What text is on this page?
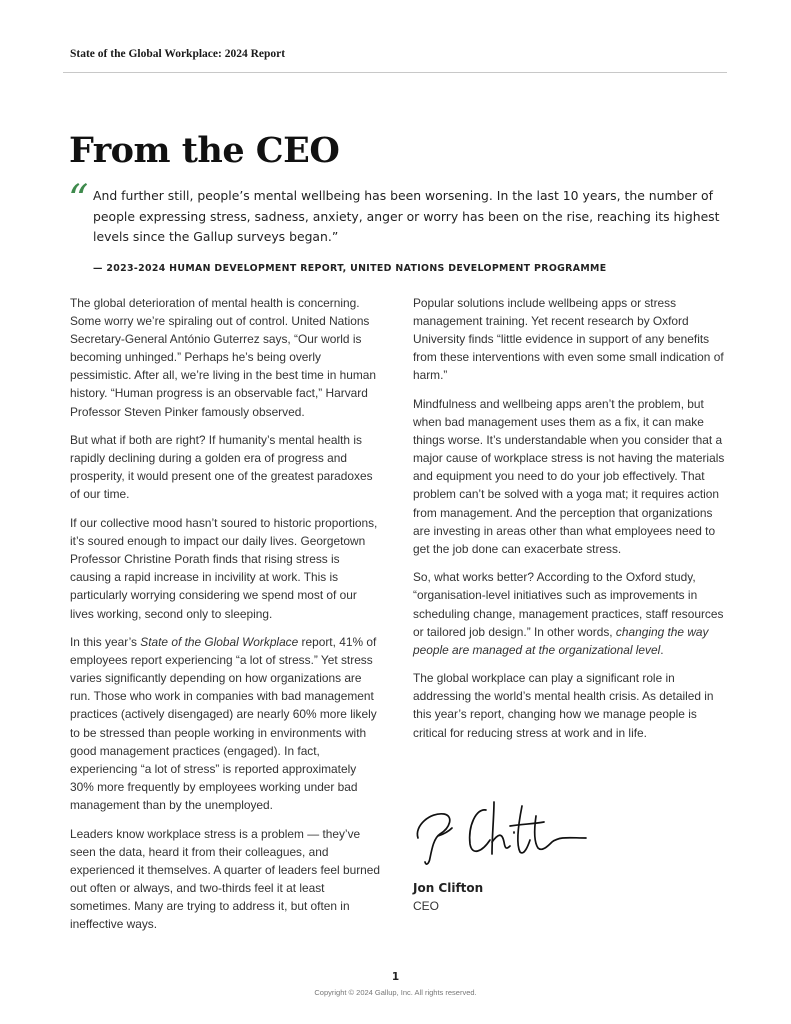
State of the Global Workplace: 2024 Report
From the CEO
“ And further still, people’s mental wellbeing has been worsening. In the last 10 years, the number of people expressing stress, sadness, anxiety, anger or worry has been on the rise, reaching its highest levels since the Gallup surveys began.”
— 2023-2024 HUMAN DEVELOPMENT REPORT, UNITED NATIONS DEVELOPMENT PROGRAMME

The global deterioration of mental health is concerning. Some worry we’re spiraling out of control. United Nations Secretary-General António Guterrez says, “Our world is becoming unhinged.” Perhaps he’s being overly pessimistic. After all, we’re living in the best time in human history. “Human progress is an observable fact,” Harvard Professor Steven Pinker famously observed.

But what if both are right? If humanity’s mental health is rapidly declining during a golden era of progress and prosperity, it would present one of the greatest paradoxes of our time.

If our collective mood hasn’t soured to historic proportions, it’s soured enough to impact our daily lives. Georgetown Professor Christine Porath finds that rising stress is causing a rapid increase in incivility at work. This is particularly worrying considering we spend most of our lives working, second only to sleeping.

In this year’s State of the Global Workplace report, 41% of employees report experiencing “a lot of stress.” Yet stress varies significantly depending on how organizations are run. Those who work in companies with bad management practices (actively disengaged) are nearly 60% more likely to be stressed than people working in environments with good management practices (engaged). In fact, experiencing “a lot of stress” is reported approximately 30% more frequently by employees working under bad management than by the unemployed.

Leaders know workplace stress is a problem — they’ve seen the data, heard it from their colleagues, and experienced it themselves. A quarter of leaders feel burned out often or always, and two-thirds feel it at least sometimes. Many are trying to address it, but often in ineffective ways.

Popular solutions include wellbeing apps or stress management training. Yet recent research by Oxford University finds “little evidence in support of any benefits from these interventions with even some small indication of harm.”

Mindfulness and wellbeing apps aren’t the problem, but when bad management uses them as a fix, it can make things worse. It’s understandable when you consider that a major cause of workplace stress is not having the materials and equipment you need to do your job effectively. That problem can’t be solved with a yoga mat; it requires action from management. And the perception that organizations are investing in areas other than what employees need to get the job done can exacerbate stress.

So, what works better? According to the Oxford study, “organisation-level initiatives such as improvements in scheduling change, management practices, staff resources or tailored job design.” In other words, changing the way people are managed at the organizational level.

The global workplace can play a significant role in addressing the world’s mental health crisis. As detailed in this year’s report, changing how we manage people is critical for reducing stress at work and in life.

Jon Clifton
CEO
1
Copyright © 2024 Gallup, Inc. All rights reserved.
